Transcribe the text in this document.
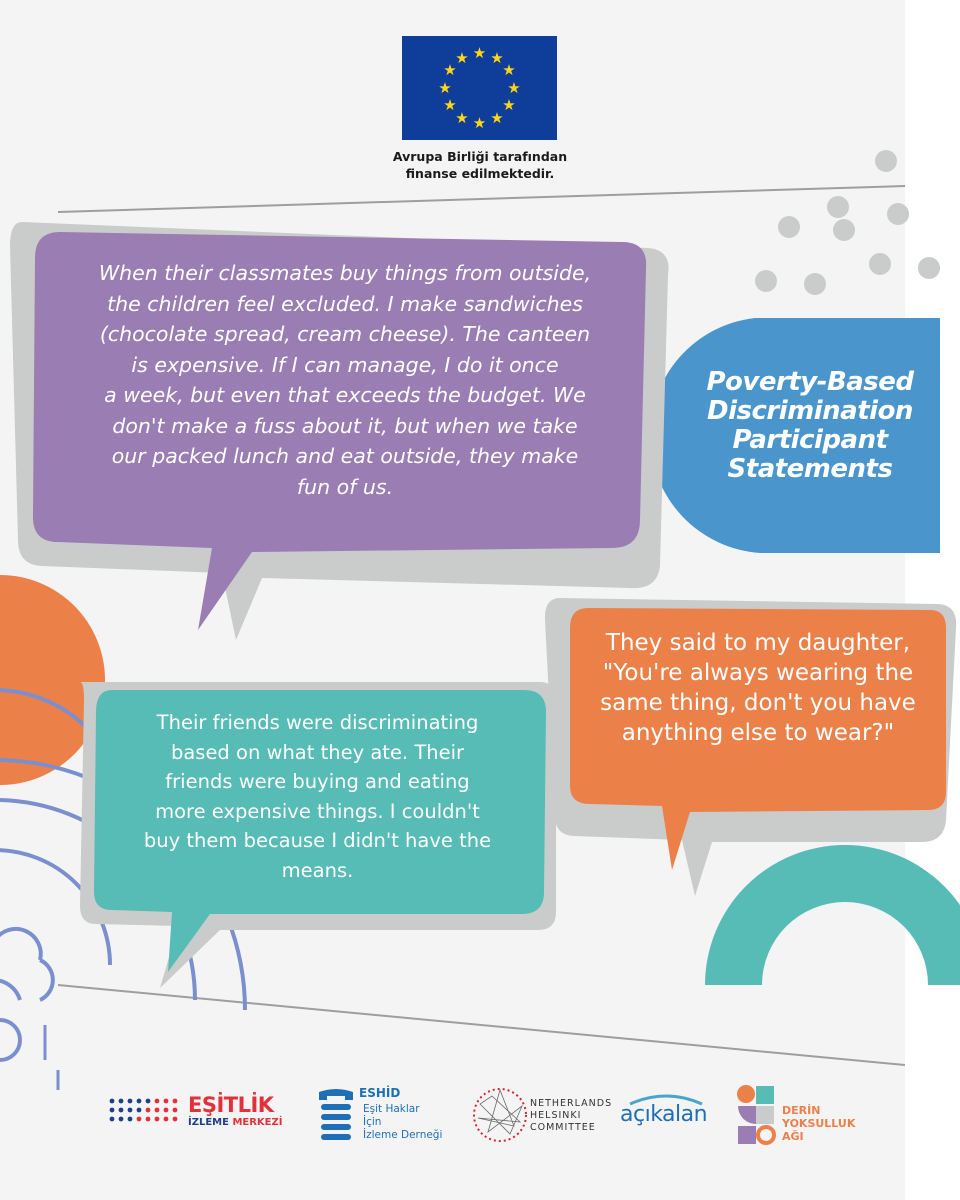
★ ★
★
★
★
★
★
★
★
★
★
★
Avrupa Birliği tarafından
finanse edilmektedir.
When their classmates buy things from outside,
the children feel excluded. I make sandwiches
(chocolate spread, cream cheese). The canteen
is expensive. If I can manage, I do it once
a week, but even that exceeds the budget. We
don't make a fuss about it, but when we take
our packed lunch and eat outside, they make
fun of us.
Poverty-Based
Discrimination
Participant
Statements
They said to my daughter,
"You're always wearing the
same thing, don't you have
anything else to wear?"
Their friends were discriminating
based on what they ate. Their
friends were buying and eating
more expensive things. I couldn't
buy them because I didn't have the
means.
EŞİTLİK
İZLEME MERKEZİ
ESHİD
Eşit Haklar
İçin
İzleme Derneği
NETHERLANDS
HELSINKI
COMMITTEE
açıkalan	DERİN
YOKSULLUK
AĞI
